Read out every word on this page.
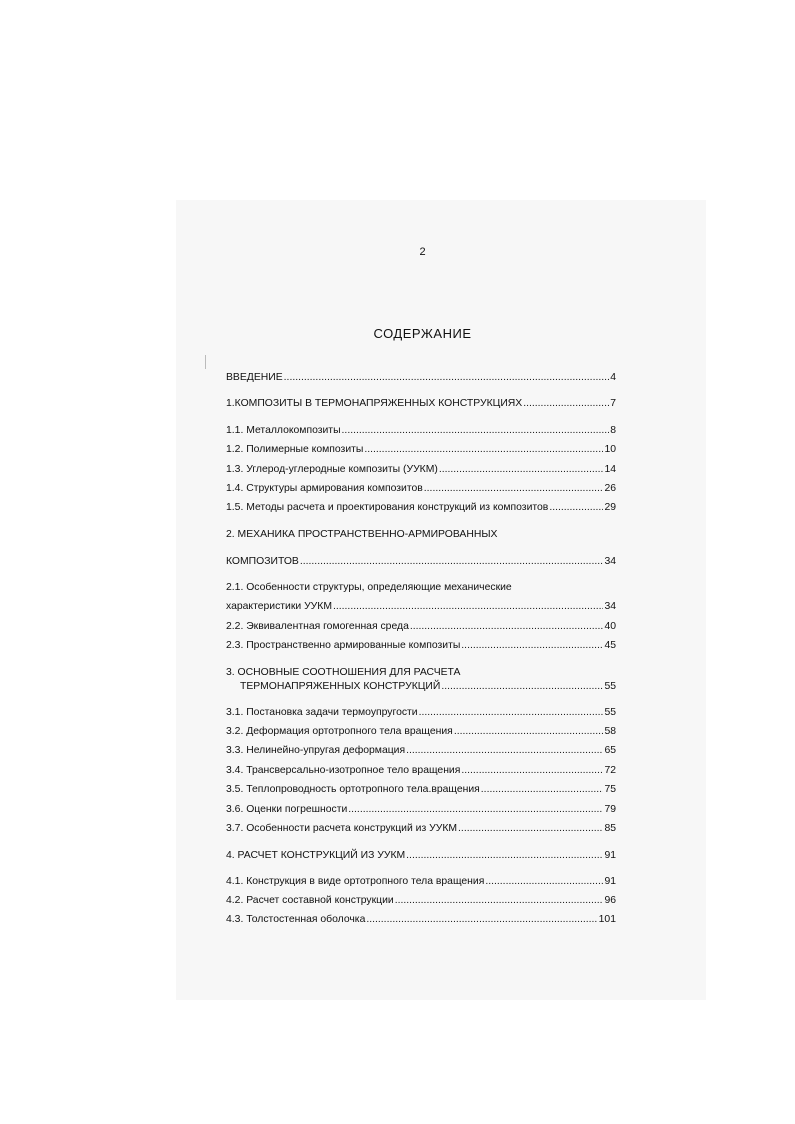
2
СОДЕРЖАНИЕ
ВВЕДЕНИЕ .....	4
1.КОМПОЗИТЫ В ТЕРМОНАПРЯЖЕННЫХ КОНСТРУКЦИЯХ .....	7
1.1. Металлокомпозиты .....	8
1.2. Полимерные композиты .....	10
1.3. Углерод-углеродные композиты (УУКМ) .....	14
1.4. Структуры армирования композитов .....	26
1.5. Методы расчета и проектирования конструкций из композитов .....	29
2. МЕХАНИКА ПРОСТРАНСТВЕННО-АРМИРОВАННЫХ
КОМПОЗИТОВ .....	34
2.1. Особенности структуры, определяющие механические
характеристики УУКМ .....	34
2.2. Эквивалентная гомогенная среда .....	40
2.3. Пространственно армированные композиты .....	45
3. ОСНОВНЫЕ СООТНОШЕНИЯ ДЛЯ РАСЧЕТА
ТЕРМОНАПРЯЖЕННЫХ КОНСТРУКЦИЙ .....	55
3.1. Постановка задачи термоупругости .....	55
3.2. Деформация ортотропного тела вращения .....	58
3.3. Нелинейно-упругая деформация .....	65
3.4. Трансверсально-изотропное тело вращения .....	72
3.5. Теплопроводность ортотропного тела.вращения .....	75
3.6. Оценки погрешности .....	79
3.7. Особенности расчета конструкций из УУКМ .....	85
4. РАСЧЕТ КОНСТРУКЦИЙ ИЗ УУКМ .....	91
4.1. Конструкция в виде ортотропного тела вращения .....	91
4.2. Расчет составной конструкции .....	96
4.3. Толстостенная оболочка .....	101
